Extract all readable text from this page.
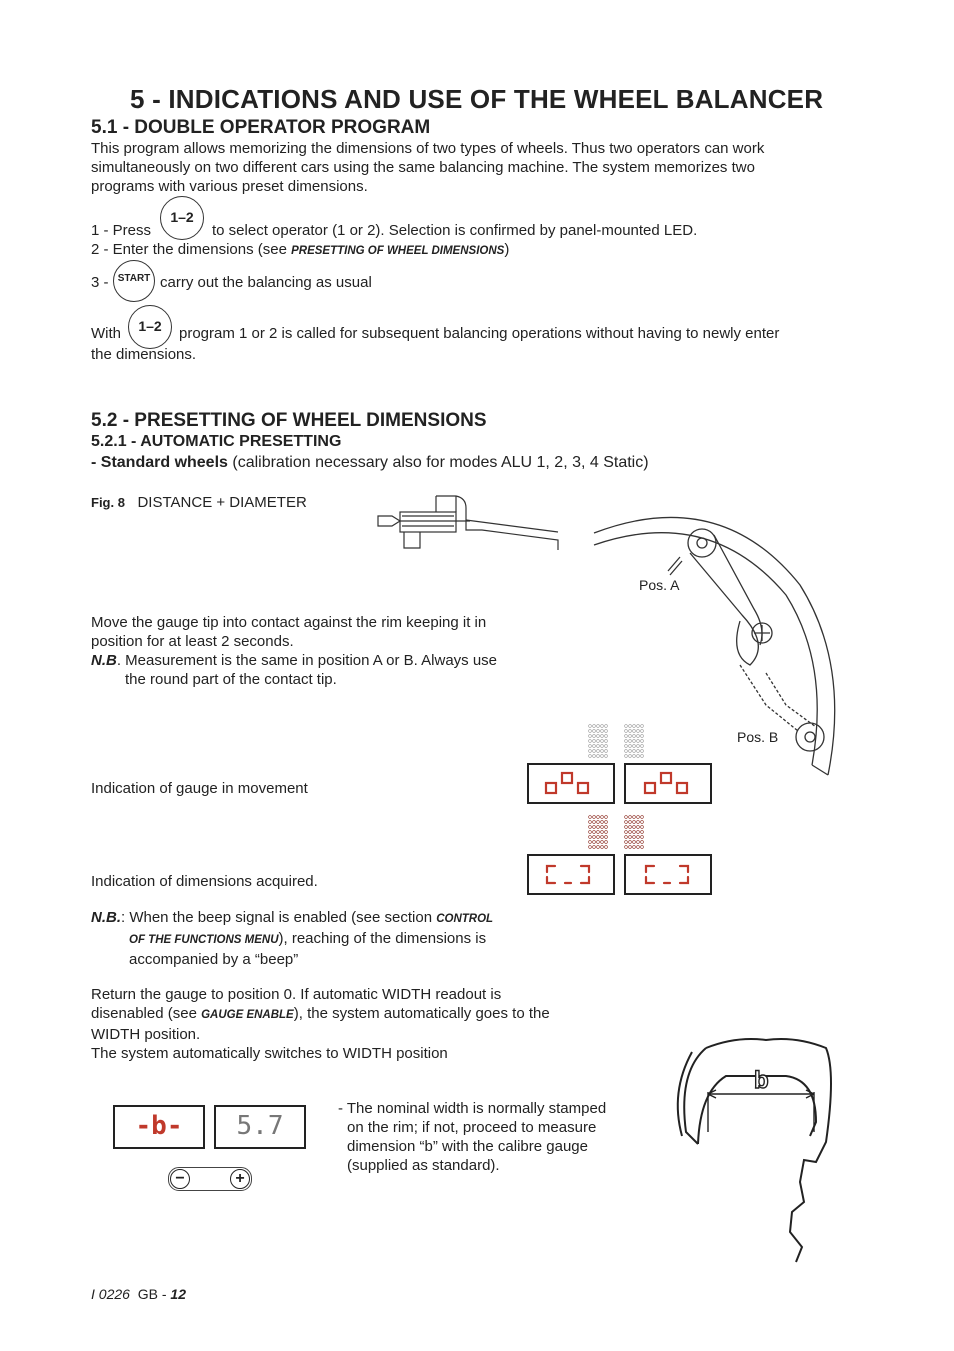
5 - INDICATIONS AND USE OF THE WHEEL BALANCER
5.1 - DOUBLE OPERATOR PROGRAM
This program allows memorizing the dimensions of two types of wheels. Thus two operators can work
simultaneously on two different cars using the same balancing machine. The system memorizes two
programs with various preset dimensions.
1 - Press
1–2
to select operator (1 or 2). Selection is confirmed by panel-mounted LED.
2 - Enter the dimensions (see PRESETTING OF WHEEL DIMENSIONS)
3 - START carry out the balancing as usual
With	1–2	program 1 or 2 is called for subsequent balancing operations without having to newly enter
the dimensions.
5.2 - PRESETTING OF WHEEL DIMENSIONS
5.2.1 - AUTOMATIC PRESETTING
- Standard wheels (calibration necessary also for modes ALU 1, 2, 3, 4 Static)
Fig. 8 DISTANCE + DIAMETER
Pos. A
Pos. B
Move the gauge tip into contact against the rim keeping it in
position for at least 2 seconds.
N.B. Measurement is the same in position A or B. Always use
the round part of the contact tip.
Indication of gauge in movement
Indication of dimensions acquired.
N.B.: When the beep signal is enabled (see section CONTROL
OF THE FUNCTIONS MENU), reaching of the dimensions is
accompanied by a “beep”
Return the gauge to position 0. If automatic WIDTH readout is
disenabled (see GAUGE ENABLE), the system automatically goes to the
WIDTH position.
The system automatically switches to WIDTH position
-b-	5.7
−	+
- The nominal width is normally stamped
on the rim; if not, proceed to measure
dimension “b” with the calibre gauge
(supplied as standard).
b
I 0226 GB - 12
